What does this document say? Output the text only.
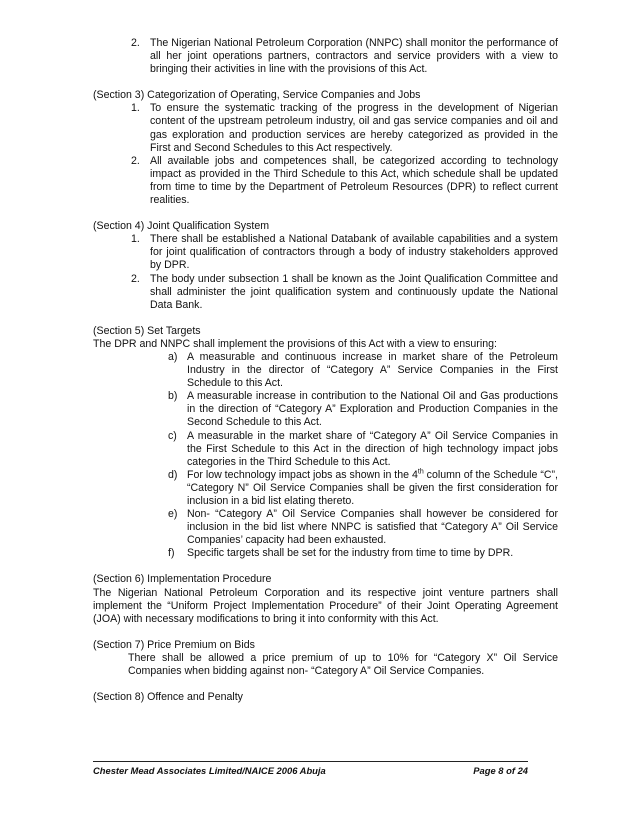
2. The Nigerian National Petroleum Corporation (NNPC) shall monitor the performance of all her joint operations partners, contractors and service providers with a view to bringing their activities in line with the provisions of this Act.

(Section 3) Categorization of Operating, Service Companies and Jobs

1. To ensure the systematic tracking of the progress in the development of Nigerian content of the upstream petroleum industry, oil and gas service companies and oil and gas exploration and production services are hereby categorized as provided in the First and Second Schedules to this Act respectively.
2. All available jobs and competences shall, be categorized according to technology impact as provided in the Third Schedule to this Act, which schedule shall be updated from time to time by the Department of Petroleum Resources (DPR) to reflect current realities.

(Section 4) Joint Qualification System

1. There shall be established a National Databank of available capabilities and a system for joint qualification of contractors through a body of industry stakeholders approved by DPR.
2. The body under subsection 1 shall be known as the Joint Qualification Committee and shall administer the joint qualification system and continuously update the National Data Bank.

(Section 5) Set Targets

The DPR and NNPC shall implement the provisions of this Act with a view to ensuring:

a) A measurable and continuous increase in market share of the Petroleum Industry in the director of “Category A” Service Companies in the First Schedule to this Act.
b) A measurable increase in contribution to the National Oil and Gas productions in the direction of “Category A” Exploration and Production Companies in the Second Schedule to this Act.
c) A measurable in the market share of “Category A” Oil Service Companies in the First Schedule to this Act in the direction of high technology impact jobs categories in the Third Schedule to this Act.
d) For low technology impact jobs as shown in the 4th column of the Schedule “C”, “Category N” Oil Service Companies shall be given the first consideration for inclusion in a bid list elating thereto.
e) Non- “Category A” Oil Service Companies shall however be considered for inclusion in the bid list where NNPC is satisfied that “Category A” Oil Service Companies’ capacity had been exhausted.
f)	Specific targets shall be set for the industry from time to time by DPR.

(Section 6) Implementation Procedure

The Nigerian National Petroleum Corporation and its respective joint venture partners shall implement the “Uniform Project Implementation Procedure” of their Joint Operating Agreement (JOA) with necessary modifications to bring it into conformity with this Act.

(Section 7) Price Premium on Bids

There shall be allowed a price premium of up to 10% for “Category X” Oil Service Companies when bidding against non- “Category A” Oil Service Companies.

(Section 8) Offence and Penalty

Chester Mead Associates Limited/NAICE 2006 Abuja	Page 8 of 24
